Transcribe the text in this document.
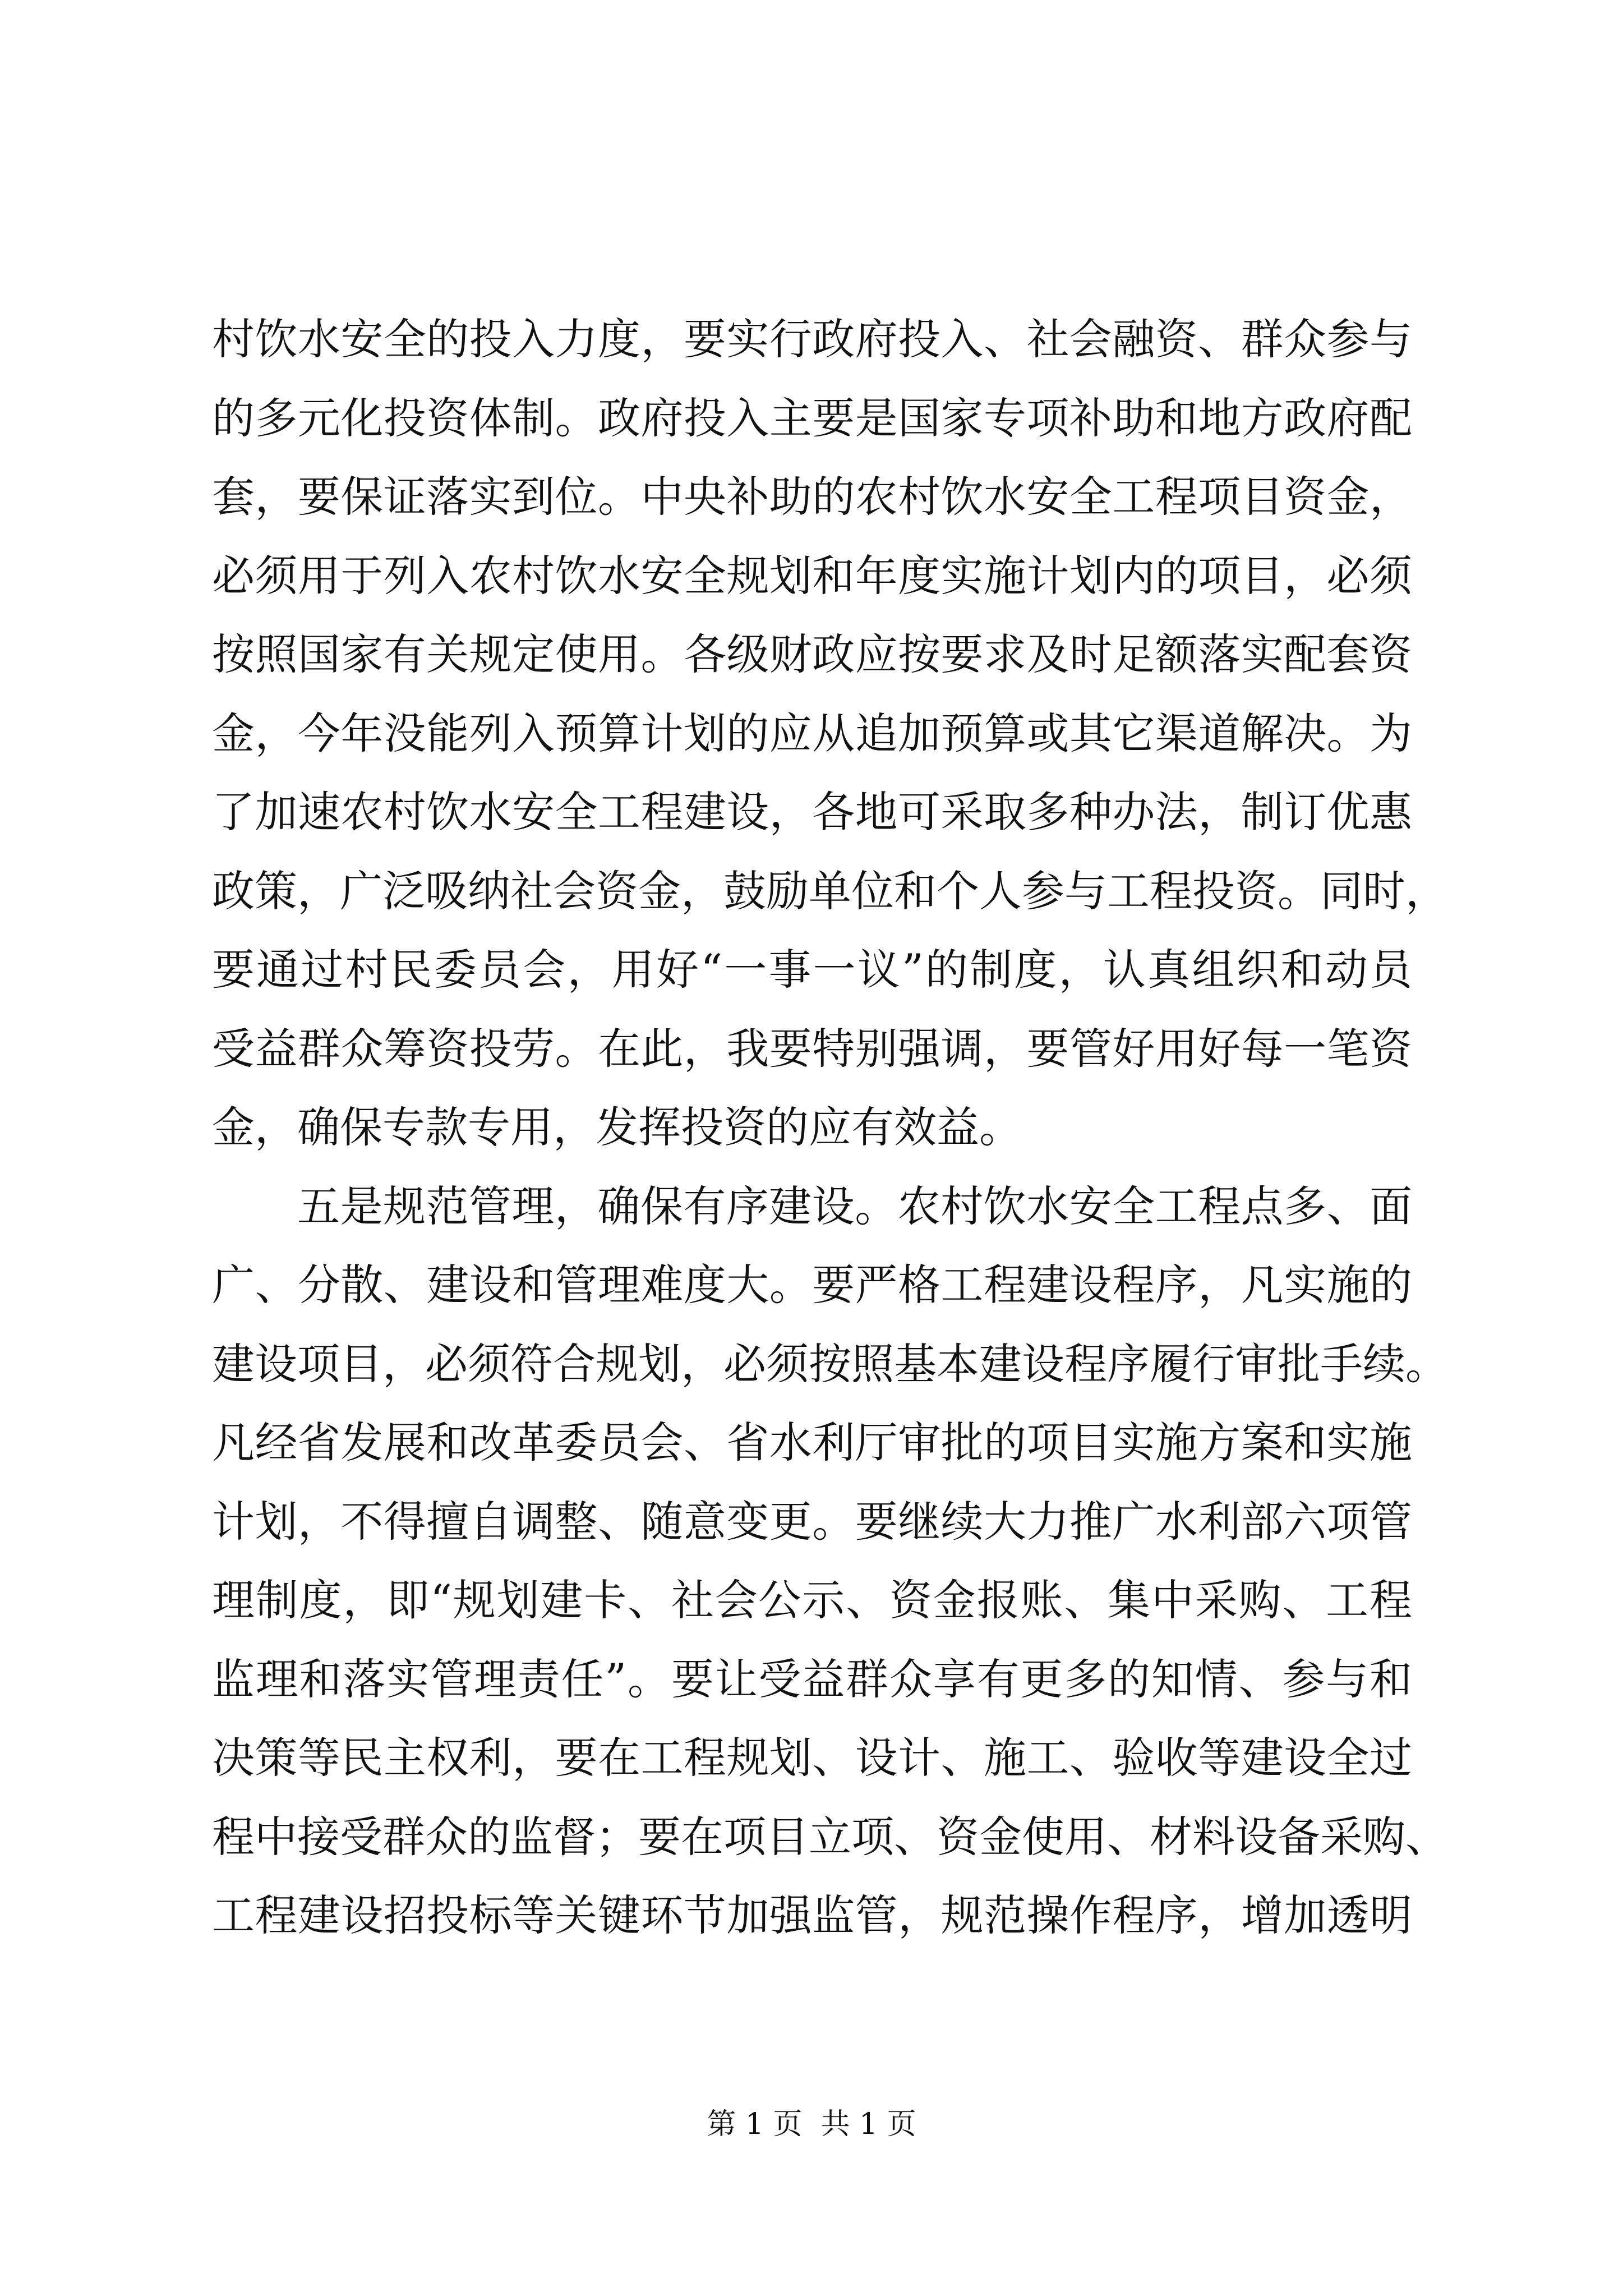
村饮水安全的投入力度，要实行政府投入、社会融资、群众参与
的多元化投资体制。政府投入主要是国家专项补助和地方政府配
套，要保证落实到位。中央补助的农村饮水安全工程项目资金，
必须用于列入农村饮水安全规划和年度实施计划内的项目，必须
按照国家有关规定使用。各级财政应按要求及时足额落实配套资
金，今年没能列入预算计划的应从追加预算或其它渠道解决。为
了加速农村饮水安全工程建设，各地可采取多种办法，制订优惠
政策，广泛吸纳社会资金，鼓励单位和个人参与工程投资。同时，
要通过村民委员会，用好“一事一议”的制度，认真组织和动员
受益群众筹资投劳。在此，我要特别强调，要管好用好每一笔资
金，确保专款专用，发挥投资的应有效益。
五是规范管理，确保有序建设。农村饮水安全工程点多、面
广、分散、建设和管理难度大。要严格工程建设程序，凡实施的
建设项目，必须符合规划，必须按照基本建设程序履行审批手续。
凡经省发展和改革委员会、省水利厅审批的项目实施方案和实施
计划，不得擅自调整、随意变更。要继续大力推广水利部六项管
理制度，即“规划建卡、社会公示、资金报账、集中采购、工程
监理和落实管理责任”。要让受益群众享有更多的知情、参与和
决策等民主权利，要在工程规划、设计、施工、验收等建设全过
程中接受群众的监督；要在项目立项、资金使用、材料设备采购、
工程建设招投标等关键环节加强监管，规范操作程序，增加透明
第 1 页  共 1 页
